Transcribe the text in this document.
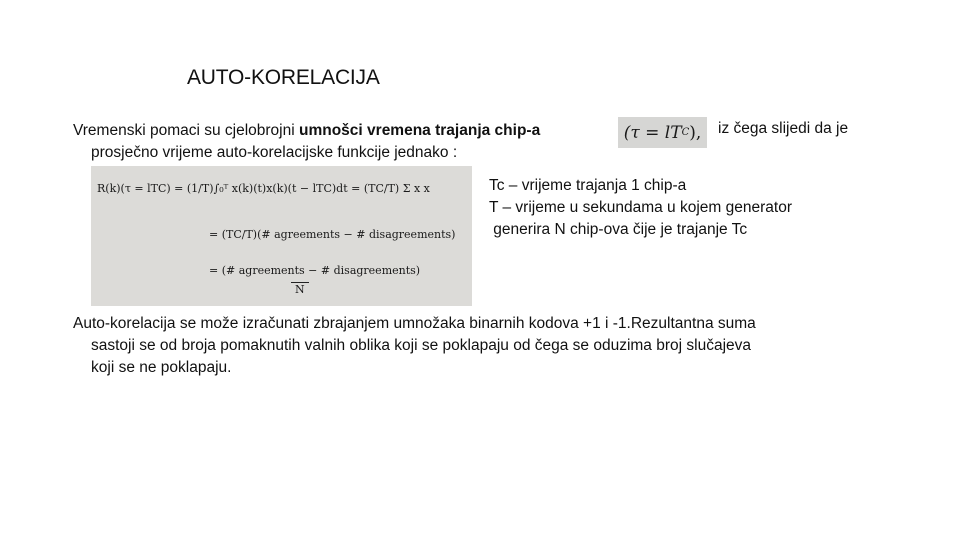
AUTO-KORELACIJA
Vremenski pomaci su cjelobrojni umnošci vremena trajanja chip-a
prosječno vrijeme auto-korelacijske funkcije jednako :
(τ = lT C ), iz čega slijedi da je
R(k)(τ = lTC) = (1/T)∫₀ᵀ x(k)(t)x(k)(t − lTC)dt = (TC/T) Σ x x
= (TC/T)(# agreements − # disagreements)
= (# agreements − # disagreements)
N
Tc – vrijeme trajanja 1 chip-a
T – vrijeme u sekundama u kojem generator
generira N chip-ova čije je trajanje Tc
Auto-korelacija se može izračunati zbrajanjem umnožaka binarnih kodova +1 i -1.Rezultantna suma
sastoji se od broja pomaknutih valnih oblika koji se poklapaju od čega se oduzima broj slučajeva
koji se ne poklapaju.
